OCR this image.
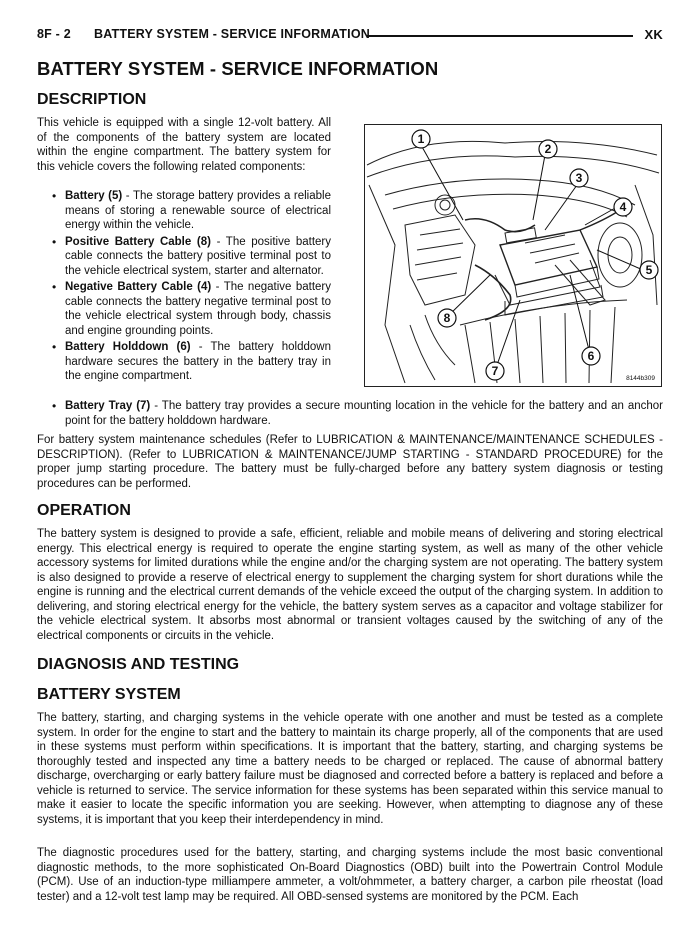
8F - 2 BATTERY SYSTEM - SERVICE INFORMATION	XK
BATTERY SYSTEM - SERVICE INFORMATION
DESCRIPTION

This vehicle is equipped with a single 12-volt battery. All of the components of the battery system are located within the engine compartment. The battery system for this vehicle covers the following related components:

• Battery (5) - The storage battery provides a reliable means of storing a renewable source of electrical energy within the vehicle.
• Positive Battery Cable (8) - The positive battery cable connects the battery positive terminal post to the vehicle electrical system, starter and alternator.
• Negative Battery Cable (4) - The negative battery cable connects the battery negative terminal post to the vehicle electrical system through body, chassis and engine grounding points.
• Battery Holddown (6) - The battery holddown hardware secures the battery in the battery tray in the engine compartment.
• Battery Tray (7) - The battery tray provides a secure mounting location in the vehicle for the battery and an anchor point for the battery holddown hardware.

For battery system maintenance schedules (Refer to LUBRICATION & MAINTENANCE/MAINTENANCE SCHEDULES - DESCRIPTION). (Refer to LUBRICATION & MAINTENANCE/JUMP STARTING - STANDARD PROCEDURE) for the proper jump starting procedure. The battery must be fully-charged before any battery system diagnosis or testing procedures can be performed.

OPERATION

The battery system is designed to provide a safe, efficient, reliable and mobile means of delivering and storing electrical energy. This electrical energy is required to operate the engine starting system, as well as many of the other vehicle accessory systems for limited durations while the engine and/or the charging system are not operating. The battery system is also designed to provide a reserve of electrical energy to supplement the charging system for short durations while the engine is running and the electrical current demands of the vehicle exceed the output of the charging system. In addition to delivering, and storing electrical energy for the vehicle, the battery system serves as a capacitor and voltage stabilizer for the vehicle electrical system. It absorbs most abnormal or transient voltages caused by the switching of any of the electrical components or circuits in the vehicle.

DIAGNOSIS AND TESTING
BATTERY SYSTEM

The battery, starting, and charging systems in the vehicle operate with one another and must be tested as a complete system. In order for the engine to start and the battery to maintain its charge properly, all of the components that are used in these systems must perform within specifications. It is important that the battery, starting, and charging systems be thoroughly tested and inspected any time a battery needs to be charged or replaced. The cause of abnormal battery discharge, overcharging or early battery failure must be diagnosed and corrected before a battery is replaced and before a vehicle is returned to service. The service information for these systems has been separated within this service manual to make it easier to locate the specific information you are seeking. However, when attempting to diagnose any of these systems, it is important that you keep their interdependency in mind.

The diagnostic procedures used for the battery, starting, and charging systems include the most basic conventional diagnostic methods, to the more sophisticated On-Board Diagnostics (OBD) built into the Powertrain Control Module (PCM). Use of an induction-type milliampere ammeter, a volt/ohmmeter, a battery charger, a carbon pile rheostat (load tester) and a 12-volt test lamp may be required. All OBD-sensed systems are monitored by the PCM. Each

1
2
3
4
5
6
7
8
8144b309
